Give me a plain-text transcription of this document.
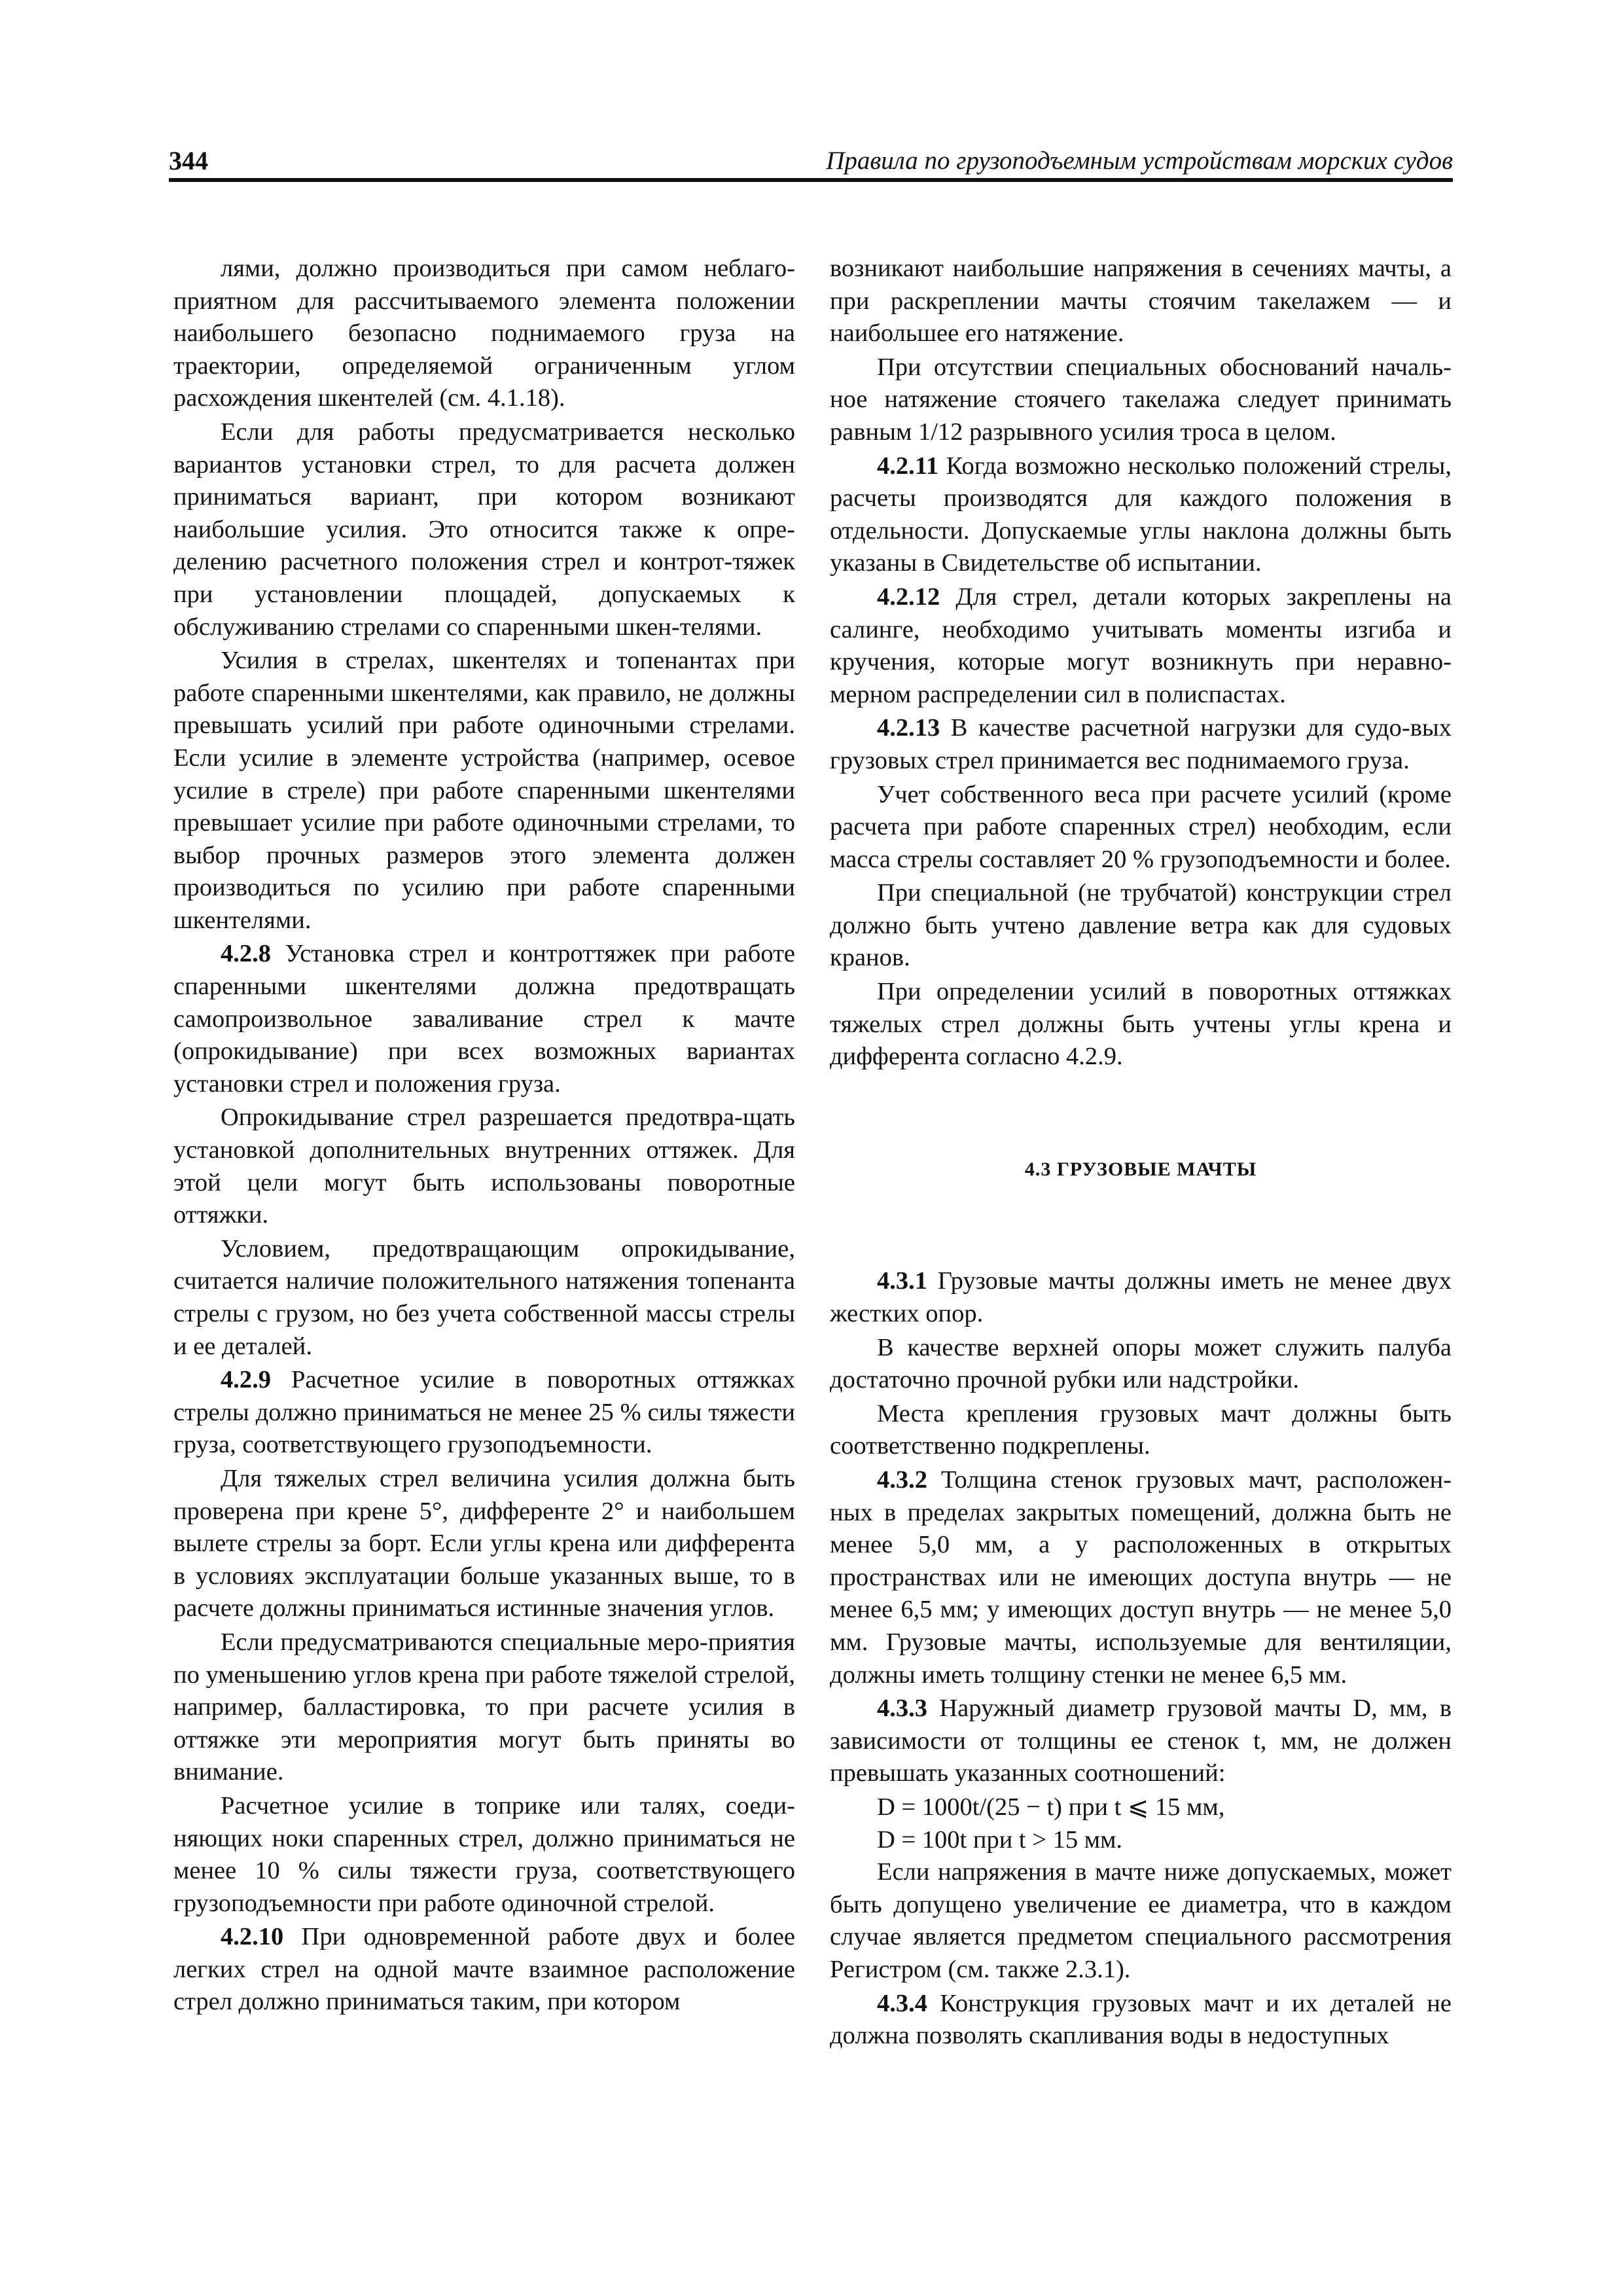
344	Правила по грузоподъемным устройствам морских судов

лями, должно производиться при самом неблаго-приятном для рассчитываемого элемента положении наибольшего безопасно поднимаемого груза на траектории, определяемой ограниченным углом расхождения шкентелей (см. 4.1.18).

Если для работы предусматривается несколько вариантов установки стрел, то для расчета должен приниматься вариант, при котором возникают наибольшие усилия. Это относится также к опре-делению расчетного положения стрел и контрот-тяжек при установлении площадей, допускаемых к обслуживанию стрелами со спаренными шкен-телями.

Усилия в стрелах, шкентелях и топенантах при работе спаренными шкентелями, как правило, не должны превышать усилий при работе одиночными стрелами. Если усилие в элементе устройства (например, осевое усилие в стреле) при работе спаренными шкентелями превышает усилие при работе одиночными стрелами, то выбор прочных размеров этого элемента должен производиться по усилию при работе спаренными шкентелями.

4.2.8 Установка стрел и контроттяжек при работе спаренными шкентелями должна предотвращать самопроизвольное заваливание стрел к мачте (опрокидывание) при всех возможных вариантах установки стрел и положения груза.

Опрокидывание стрел разрешается предотвра-щать установкой дополнительных внутренних оттяжек. Для этой цели могут быть использованы поворотные оттяжки.

Условием, предотвращающим опрокидывание, считается наличие положительного натяжения топенанта стрелы с грузом, но без учета собственной массы стрелы и ее деталей.

4.2.9 Расчетное усилие в поворотных оттяжках стрелы должно приниматься не менее 25 % силы тяжести груза, соответствующего грузоподъемности.

Для тяжелых стрел величина усилия должна быть проверена при крене 5°, дифференте 2° и наибольшем вылете стрелы за борт. Если углы крена или дифферента в условиях эксплуатации больше указанных выше, то в расчете должны приниматься истинные значения углов.

Если предусматриваются специальные меро-приятия по уменьшению углов крена при работе тяжелой стрелой, например, балластировка, то при расчете усилия в оттяжке эти мероприятия могут быть приняты во внимание.

Расчетное усилие в топрике или талях, соеди-няющих ноки спаренных стрел, должно приниматься не менее 10 % силы тяжести груза, соответствующего грузоподъемности при работе одиночной стрелой.

4.2.10 При одновременной работе двух и более легких стрел на одной мачте взаимное расположение стрел должно приниматься таким, при котором

возникают наибольшие напряжения в сечениях мачты, а при раскреплении мачты стоячим такелажем — и наибольшее его натяжение.

При отсутствии специальных обоснований началь-ное натяжение стоячего такелажа следует принимать равным 1/12 разрывного усилия троса в целом.

4.2.11 Когда возможно несколько положений стрелы, расчеты производятся для каждого положения в отдельности. Допускаемые углы наклона должны быть указаны в Свидетельстве об испытании.

4.2.12 Для стрел, детали которых закреплены на салинге, необходимо учитывать моменты изгиба и кручения, которые могут возникнуть при неравно-мерном распределении сил в полиспастах.

4.2.13 В качестве расчетной нагрузки для судо-вых грузовых стрел принимается вес поднимаемого груза.

Учет собственного веса при расчете усилий (кроме расчета при работе спаренных стрел) необходим, если масса стрелы составляет 20 % грузоподъемности и более.

При специальной (не трубчатой) конструкции стрел должно быть учтено давление ветра как для судовых кранов.

При определении усилий в поворотных оттяжках тяжелых стрел должны быть учтены углы крена и дифферента согласно 4.2.9.

4.3 ГРУЗОВЫЕ МАЧТЫ

4.3.1 Грузовые мачты должны иметь не менее двух жестких опор.

В качестве верхней опоры может служить палуба достаточно прочной рубки или надстройки.

Места крепления грузовых мачт должны быть соответственно подкреплены.

4.3.2 Толщина стенок грузовых мачт, расположен-ных в пределах закрытых помещений, должна быть не менее 5,0 мм, а у расположенных в открытых пространствах или не имеющих доступа внутрь — не менее 6,5 мм; у имеющих доступ внутрь — не менее 5,0 мм. Грузовые мачты, используемые для вентиляции, должны иметь толщину стенки не менее 6,5 мм.

4.3.3 Наружный диаметр грузовой мачты D, мм, в зависимости от толщины ее стенок t, мм, не должен превышать указанных соотношений:

D = 1000t/(25 − t) при t ⩽ 15 мм,

D = 100t при t > 15 мм.

Если напряжения в мачте ниже допускаемых, может быть допущено увеличение ее диаметра, что в каждом случае является предметом специального рассмотрения Регистром (см. также 2.3.1).

4.3.4 Конструкция грузовых мачт и их деталей не должна позволять скапливания воды в недоступных
